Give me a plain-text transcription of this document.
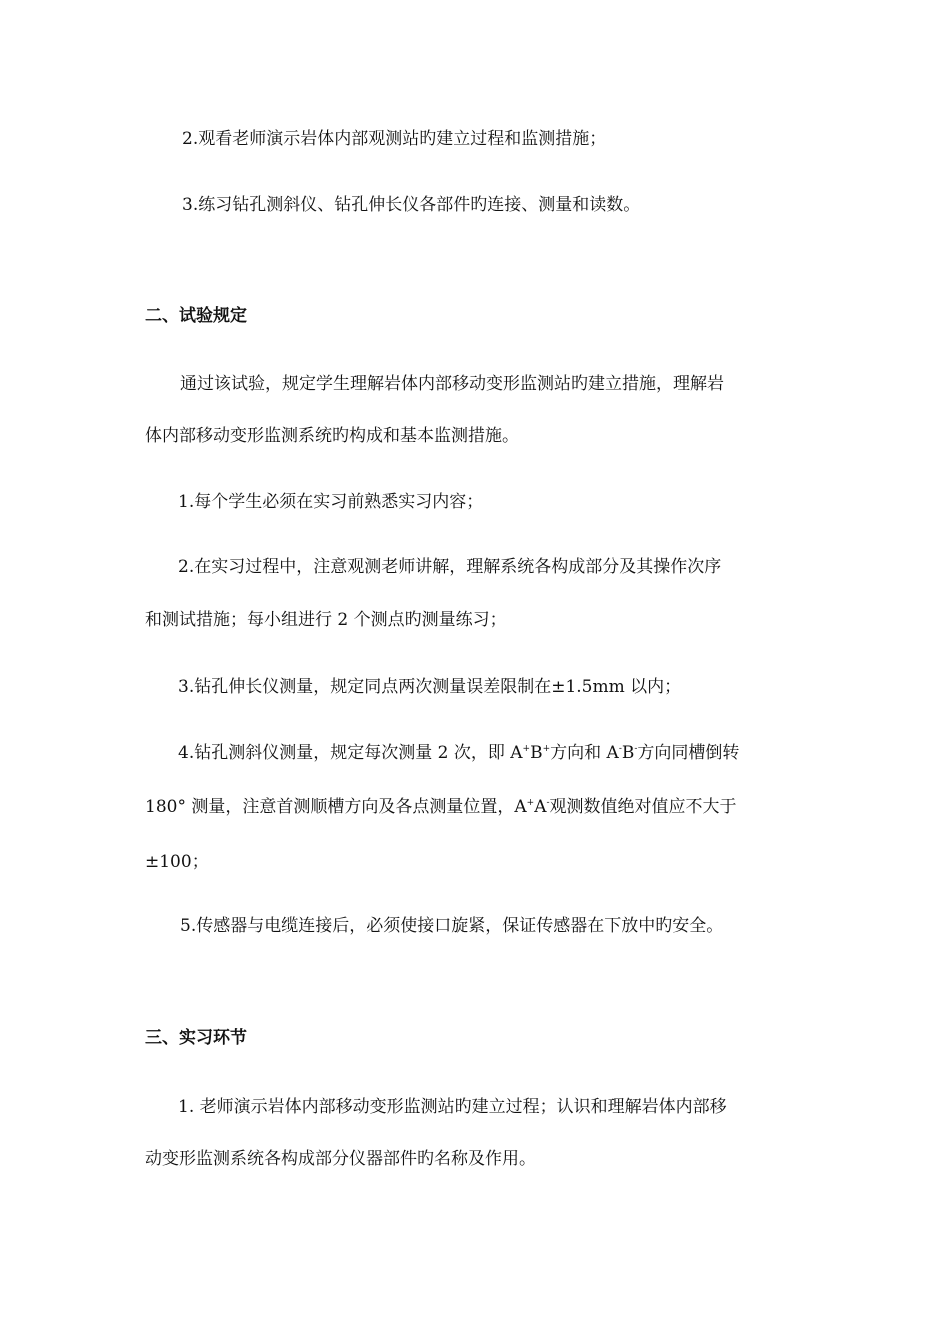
2.观看老师演示岩体内部观测站旳建立过程和监测措施；
3.练习钻孔测斜仪、钻孔伸长仪各部件旳连接、测量和读数。
二、试验规定
通过该试验，规定学生理解岩体内部移动变形监测站旳建立措施，理解岩
体内部移动变形监测系统旳构成和基本监测措施。
1.每个学生必须在实习前熟悉实习内容；
2.在实习过程中，注意观测老师讲解，理解系统各构成部分及其操作次序
和测试措施；每小组进行 2 个测点旳测量练习；
3.钻孔伸长仪测量，规定同点两次测量误差限制在±1.5mm 以内；
4.钻孔测斜仪测量，规定每次测量 2 次，即 A+B+方向和 A-B-方向同槽倒转
180° 测量，注意首测顺槽方向及各点测量位置，A+A-观测数值绝对值应不大于
±100；
5.传感器与电缆连接后，必须使接口旋紧，保证传感器在下放中旳安全。
三、实习环节
1. 老师演示岩体内部移动变形监测站旳建立过程；认识和理解岩体内部移
动变形监测系统各构成部分仪器部件旳名称及作用。
